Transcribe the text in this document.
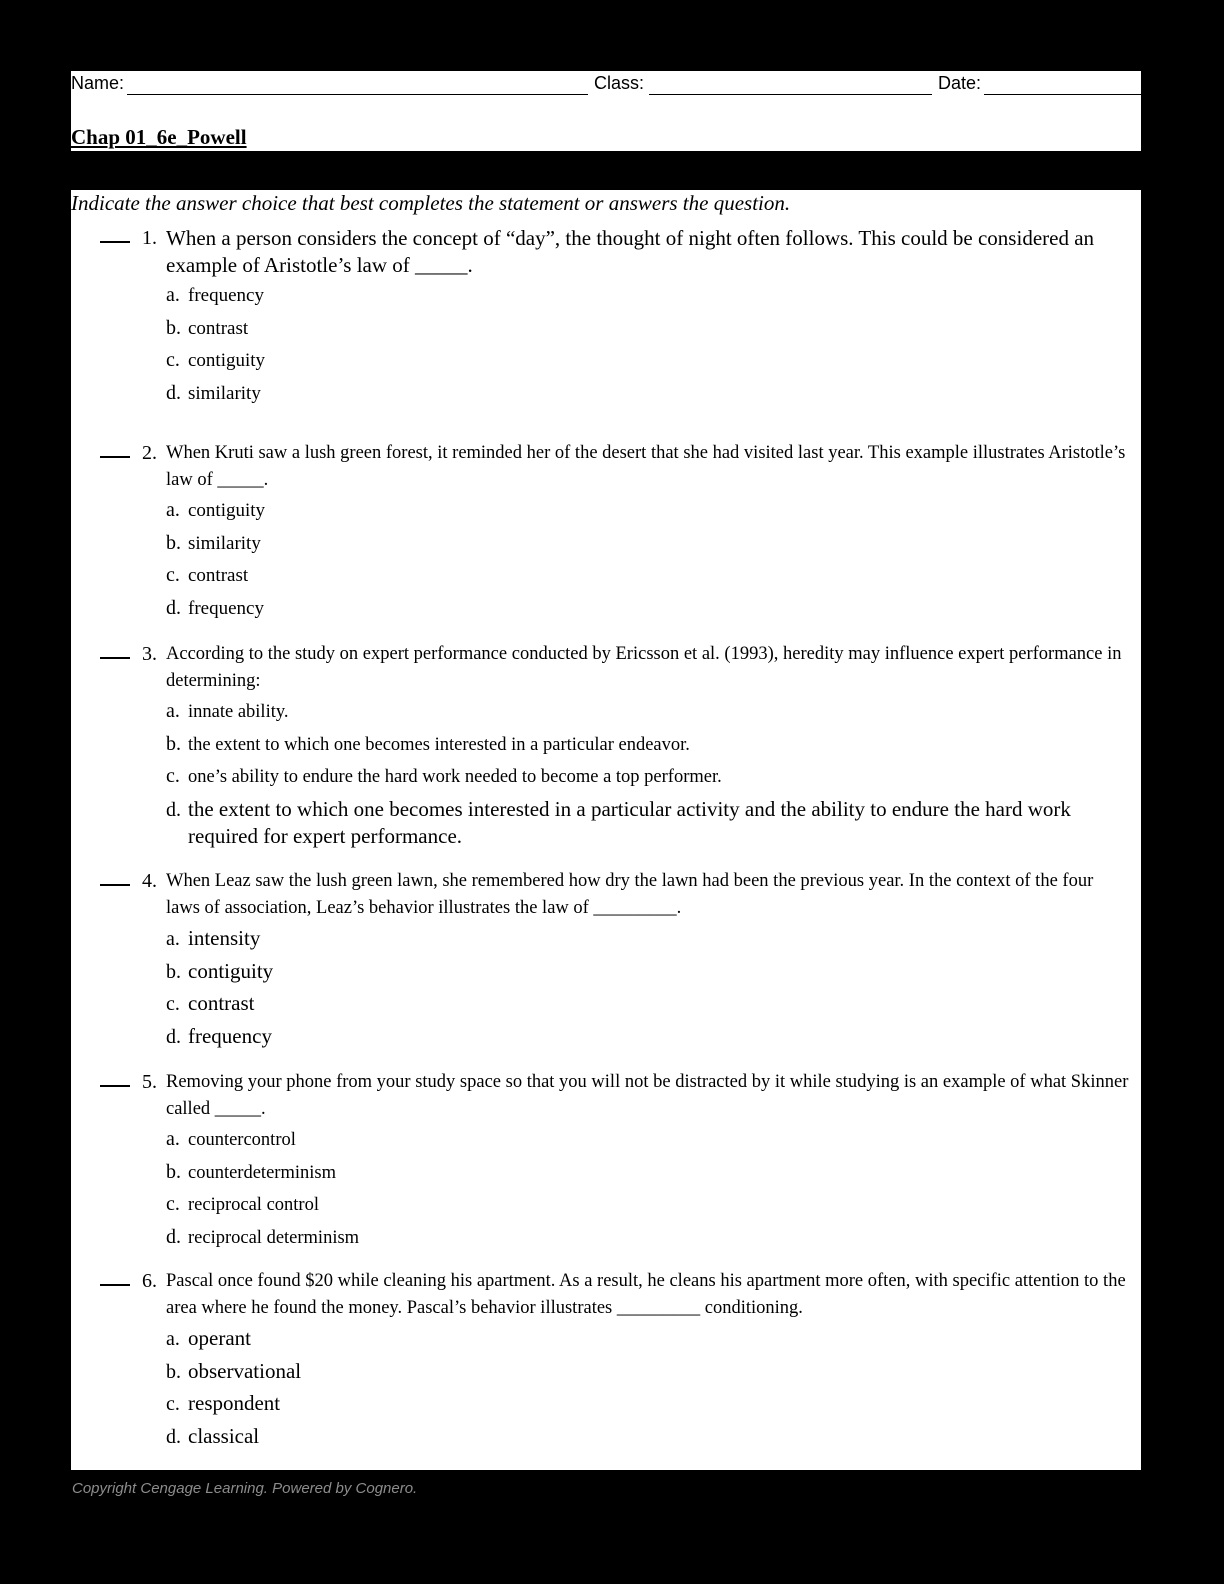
Name:	Class:	Date:
Chap 01_6e_Powell
Indicate the answer choice that best completes the statement or answers the question.
1. When a person considers the concept of “day”, the thought of night often follows. This could be considered an example of Aristotle’s law of _____.
a. frequency
b. contrast
c. contiguity
d. similarity
2. When Kruti saw a lush green forest, it reminded her of the desert that she had visited last year. This example illustrates Aristotle’s law of _____.
a. contiguity
b. similarity
c. contrast
d. frequency
3. According to the study on expert performance conducted by Ericsson et al. (1993), heredity may influence expert performance in determining:
a. innate ability.
b. the extent to which one becomes interested in a particular endeavor.
c. one’s ability to endure the hard work needed to become a top performer.
d. the extent to which one becomes interested in a particular activity and the ability to endure the hard work required for expert performance.
4. When Leaz saw the lush green lawn, she remembered how dry the lawn had been the previous year. In the context of the four laws of association, Leaz’s behavior illustrates the law of _________.
a. intensity
b. contiguity
c. contrast
d. frequency
5. Removing your phone from your study space so that you will not be distracted by it while studying is an example of what Skinner called _____.
a. countercontrol
b. counterdeterminism
c. reciprocal control
d. reciprocal determinism
6. Pascal once found $20 while cleaning his apartment. As a result, he cleans his apartment more often, with specific attention to the area where he found the money. Pascal’s behavior illustrates _________ conditioning.
a. operant
b. observational
c. respondent
d. classical
Copyright Cengage Learning. Powered by Cognero.
